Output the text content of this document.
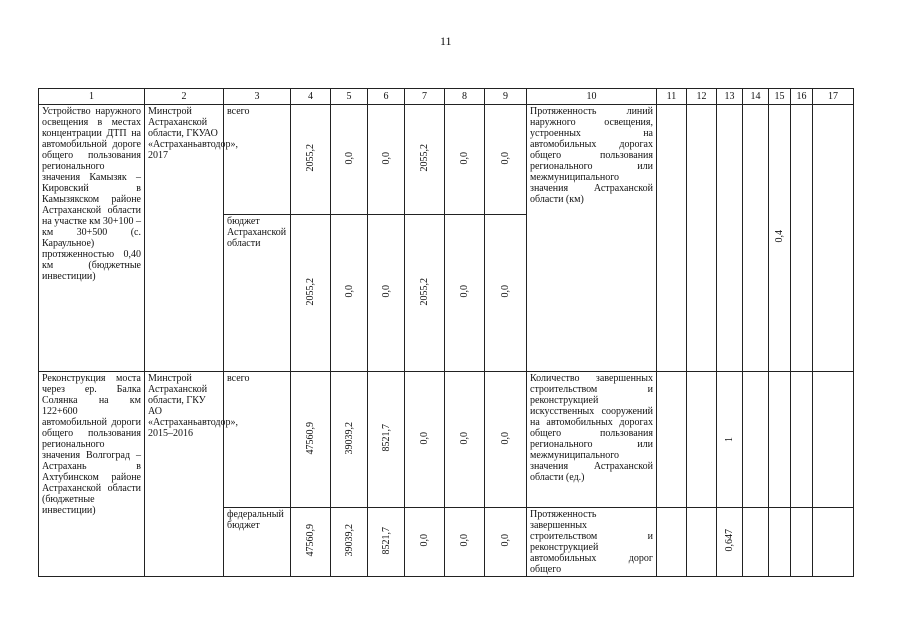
11
1	2	3	4	5	6	7	8	9	10	11	12	13	14	15	16	17
Устройство наружного освещения в местах концентрации ДТП на автомобильной дороге общего пользования регионального значения Камызяк – Кировский в Камызякском районе Астраханской области на участке км 30+100 – км 30+500 (с. Караульное) протяженностью 0,40 км (бюджетные инвестиции)	Минстрой Астраханской области, ГКУАО «Астраханьавтодор», 2017	всего	2055,2	0,0	0,0	2055,2	0,0	0,0	Протяженность линий наружного освещения, устроенных на автомобильных дорогах общего пользования регионального или межмуниципального значения Астраханской области (км)					0,4		
		бюджет Астраханской области	2055,2	0,0	0,0	2055,2	0,0	0,0								
Реконструкция моста через ер. Балка Солянка на км 122+600 автомобильной дороги общего пользования регионального значения Волгоград – Астрахань в Ахтубинском районе Астраханской области (бюджетные инвестиции)	Минстрой Астраханской области, ГКУ АО «Астраханьавтодор», 2015–2016	всего	47560,9	39039,2	8521,7	0,0	0,0	0,0	Количество завершенных строительством и реконструкцией искусственных сооружений на автомобильных дорогах общего пользования регионального или межмуниципального значения Астраханской области (ед.)			1				
		федеральный бюджет	47560,9	39039,2	8521,7	0,0	0,0	0,0	Протяженность завершенных строительством и реконструкцией автомобильных дорог общего			0,647				
